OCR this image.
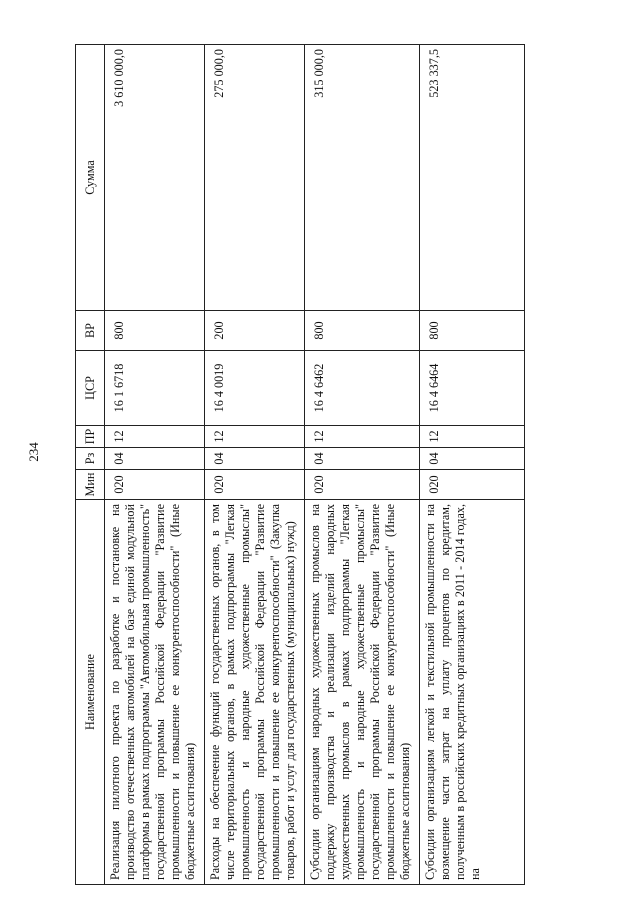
234
Наименование	Мин	Рз	ПР	ЦСР	ВР	Сумма
Реализация пилотного проекта по разработке и постановке на производство отечественных автомобилей на базе единой модульной платформы в рамках подпрограммы "Автомобильная промышленность" государственной программы Российской Федерации "Развитие промышленности и повышение ее конкурентоспособности" (Иные бюджетные ассигнования)	020	04	12	16 1 6718	800	3 610 000,0
Расходы на обеспечение функций государственных органов, в том числе территориальных органов, в рамках подпрограммы "Легкая промышленность и народные художественные промыслы" государственной программы Российской Федерации "Развитие промышленности и повышение ее конкурентоспособности" (Закупка товаров, работ и услуг для государственных (муниципальных) нужд)	020	04	12	16 4 0019	200	275 000,0
Субсидии организациям народных художественных промыслов на поддержку производства и реализации изделий народных художественных промыслов в рамках подпрограммы "Легкая промышленность и народные художественные промыслы" государственной программы Российской Федерации "Развитие промышленности и повышение ее конкурентоспособности" (Иные бюджетные ассигнования)	020	04	12	16 4 6462	800	315 000,0

Субсидии организациям легкой и текстильной промышленности на возмещение части затрат на уплату процентов по кредитам, полученным в российских кредитных организациях в 2011 - 2014 годах, на	020	04	12	16 4 6464	800	523 337,5
